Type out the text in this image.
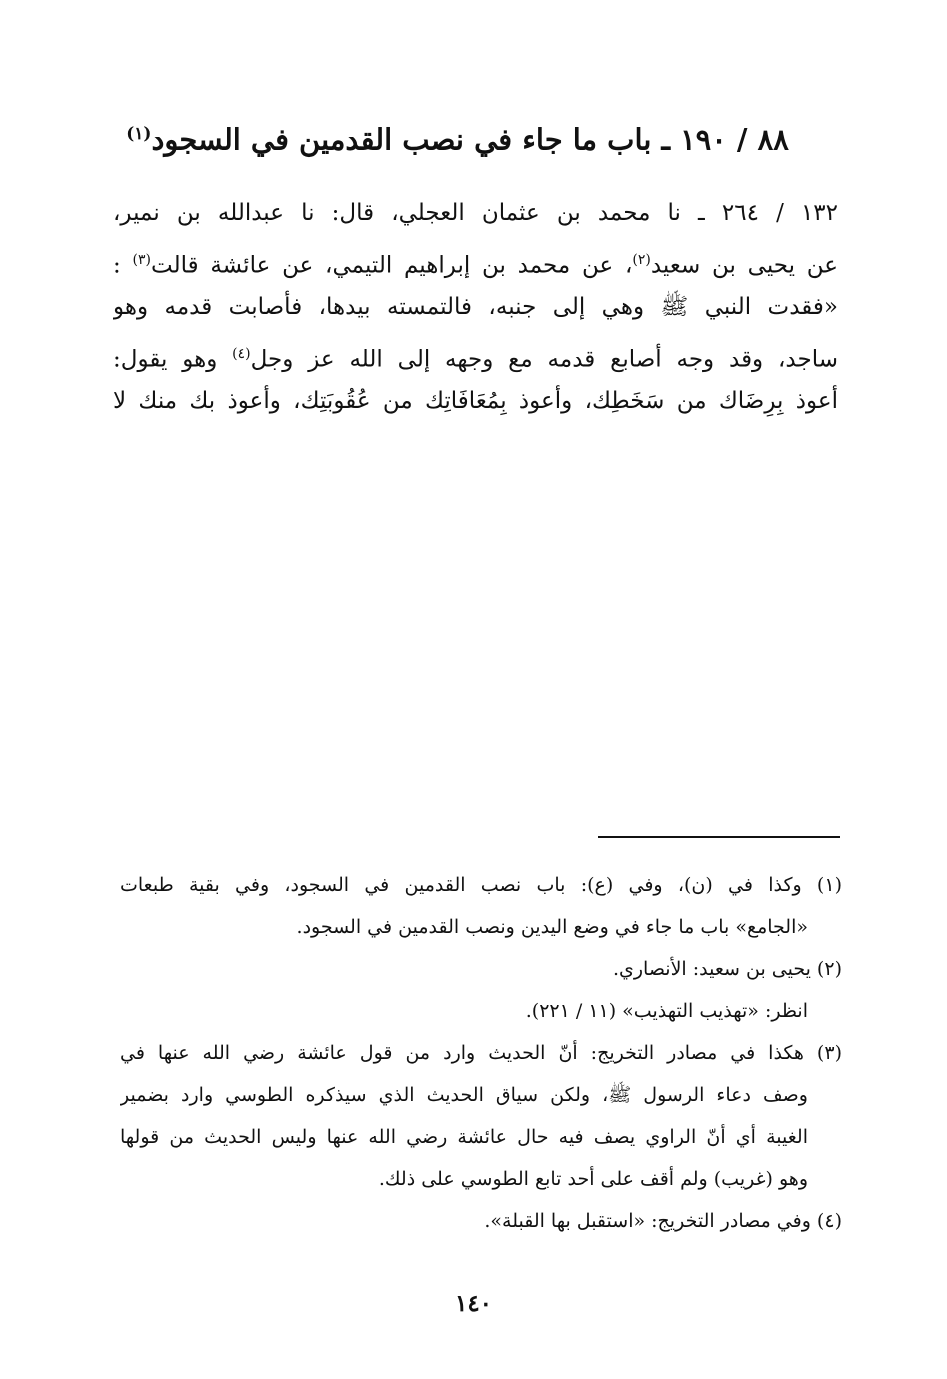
٨٨ / ١٩٠ ـ باب ما جاء في نصب القدمين في السجود$^{(١)}$
١٣٢ / ٢٦٤ ـ نا محمد بن عثمان العجلي، قال: نا عبدالله بن نمير،
عن يحيى بن سعيد$^{(٢)}$، عن محمد بن إبراهيم التيمي، عن عائشة قالت$^{(٣)}$ :
«فقدت النبي ﷺ وهي إلى جنبه، فالتمسته بيدها، فأصابت قدمه وهو
ساجد، وقد وجه أصابع قدمه مع وجهه إلى الله عز وجل$^{(٤)}$ وهو يقول:
أعوذ بِرِضَاك من سَخَطِك، وأعوذ بِمُعَافَاتِك من عُقُوبَتِك، وأعوذ بك منك لا
(١) وكذا في (ن)، وفي (ع): باب نصب القدمين في السجود، وفي بقية طبعات
«الجامع» باب ما جاء في وضع اليدين ونصب القدمين في السجود.
(٢) يحيى بن سعيد: الأنصاري.
انظر: «تهذيب التهذيب» (١١ / ٢٢١).
(٣) هكذا في مصادر التخريج: أنّ الحديث وارد من قول عائشة رضي الله عنها في
وصف دعاء الرسول ﷺ، ولكن سياق الحديث الذي سيذكره الطوسي وارد بضمير
الغيبة أي أنّ الراوي يصف فيه حال عائشة رضي الله عنها وليس الحديث من قولها
وهو (غريب) ولم أقف على أحد تابع الطوسي على ذلك.
(٤) وفي مصادر التخريج: «استقبل بها القبلة».
١٤٠
